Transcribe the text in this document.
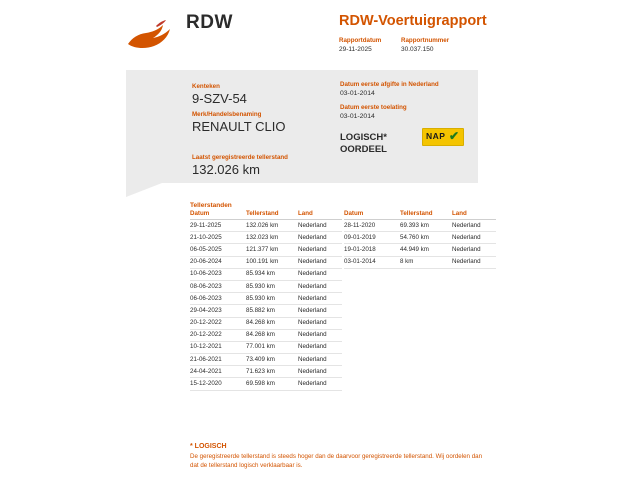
RDW	RDW-Voertuigrapport
Rapportdatum
29-11-2025
Rapportnummer
30.037.150
Kenteken
9-SZV-54
Merk/Handelsbenaming
RENAULT CLIO
Laatst geregistreerde tellerstand
132.026 km
Datum eerste afgifte in Nederland
03-01-2014
Datum eerste toelating
03-01-2014
LOGISCH*
OORDEEL
NAP ✔
Tellerstanden
Datum	Tellerstand	Land
29-11-2025	132.026 km	Nederland
21-10-2025	132.023 km	Nederland
06-05-2025	121.377 km	Nederland
20-06-2024	100.191 km	Nederland
10-06-2023	85.934 km	Nederland
08-06-2023	85.930 km	Nederland
06-06-2023	85.930 km	Nederland
29-04-2023	85.882 km	Nederland
20-12-2022	84.268 km	Nederland
20-12-2022	84.268 km	Nederland
10-12-2021	77.001 km	Nederland
21-06-2021	73.409 km	Nederland
24-04-2021	71.623 km	Nederland
15-12-2020	69.598 km	Nederland
Datum	Tellerstand	Land
28-11-2020	69.393 km	Nederland
09-01-2019	54.760 km	Nederland
19-01-2018	44.949 km	Nederland
03-01-2014	8 km	Nederland
* LOGISCH
De geregistreerde tellerstand is steeds hoger dan de daarvoor geregistreerde tellerstand. Wij oordelen dan
dat de tellerstand logisch verklaarbaar is.
